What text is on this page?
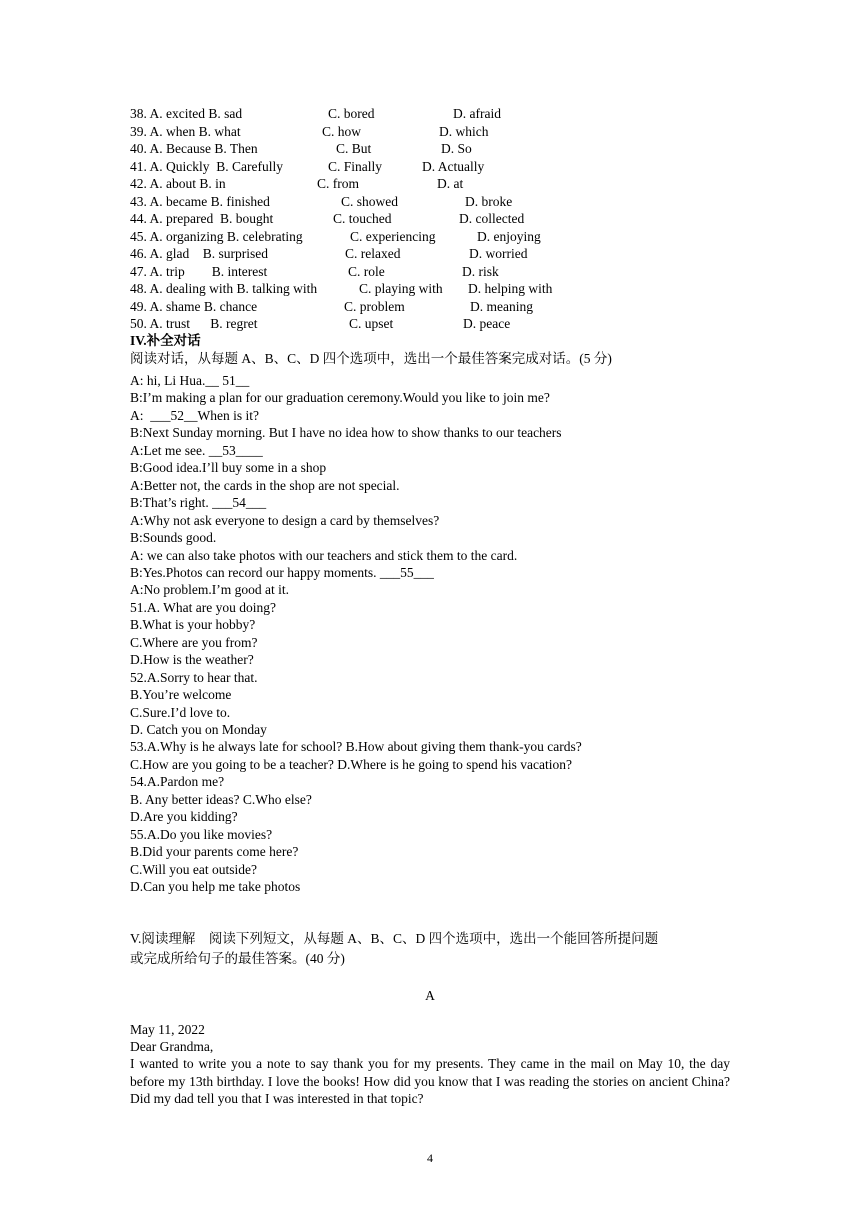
38. A. excited B. sad	C. bored	D. afraid
39. A. when B. what	C. how	D. which
40. A. Because B. Then	C. But	D. So
41. A. Quickly  B. Carefully	C. Finally	D. Actually
42. A. about B. in	C. from	D. at
43. A. became B. finished	C. showed	D. broke
44. A. prepared  B. bought	C. touched	D. collected
45. A. organizing B. celebrating	C. experiencing	D. enjoying
46. A. glad    B. surprised	C. relaxed	D. worried
47. A. trip        B. interest	C. role	D. risk
48. A. dealing with B. talking with	C. playing with D. helping with
49. A. shame B. chance	C. problem	D. meaning
50. A. trust      B. regret	C. upset	D. peace
IV.补全对话
阅读对话，从每题 A、B、C、D 四个选项中，选出一个最佳答案完成对话。(5 分)
A: hi, Li Hua.__ 51__
B:I’m making a plan for our graduation ceremony.Would you like to join me?
A:  ___52__When is it?
B:Next Sunday morning. But I have no idea how to show thanks to our teachers
A:Let me see. __53____
B:Good idea.I’ll buy some in a shop
A:Better not, the cards in the shop are not special.
B:That’s right. ___54___
A:Why not ask everyone to design a card by themselves?
B:Sounds good.
A: we can also take photos with our teachers and stick them to the card.
B:Yes.Photos can record our happy moments. ___55___
A:No problem.I’m good at it.
51.A. What are you doing?
B.What is your hobby?
C.Where are you from?
D.How is the weather?
52.A.Sorry to hear that.
B.You’re welcome
C.Sure.I’d love to.
D. Catch you on Monday
53.A.Why is he always late for school? B.How about giving them thank-you cards?
C.How are you going to be a teacher? D.Where is he going to spend his vacation?
54.A.Pardon me?
B. Any better ideas? C.Who else?
D.Are you kidding?
55.A.Do you like movies?
B.Did your parents come here?
C.Will you eat outside?
D.Can you help me take photos
V.阅读理解    阅读下列短文，从每题 A、B、C、D 四个选项中，选出一个能回答所提问题
或完成所给句子的最佳答案。(40 分)
A
May 11, 2022
Dear Grandma,
I wanted to write you a note to say thank you for my presents. They came in the mail on May 10, the day before my 13th birthday. I love the books! How did you know that I was reading the stories on ancient China? Did my dad tell you that I was interested in that topic?
4
